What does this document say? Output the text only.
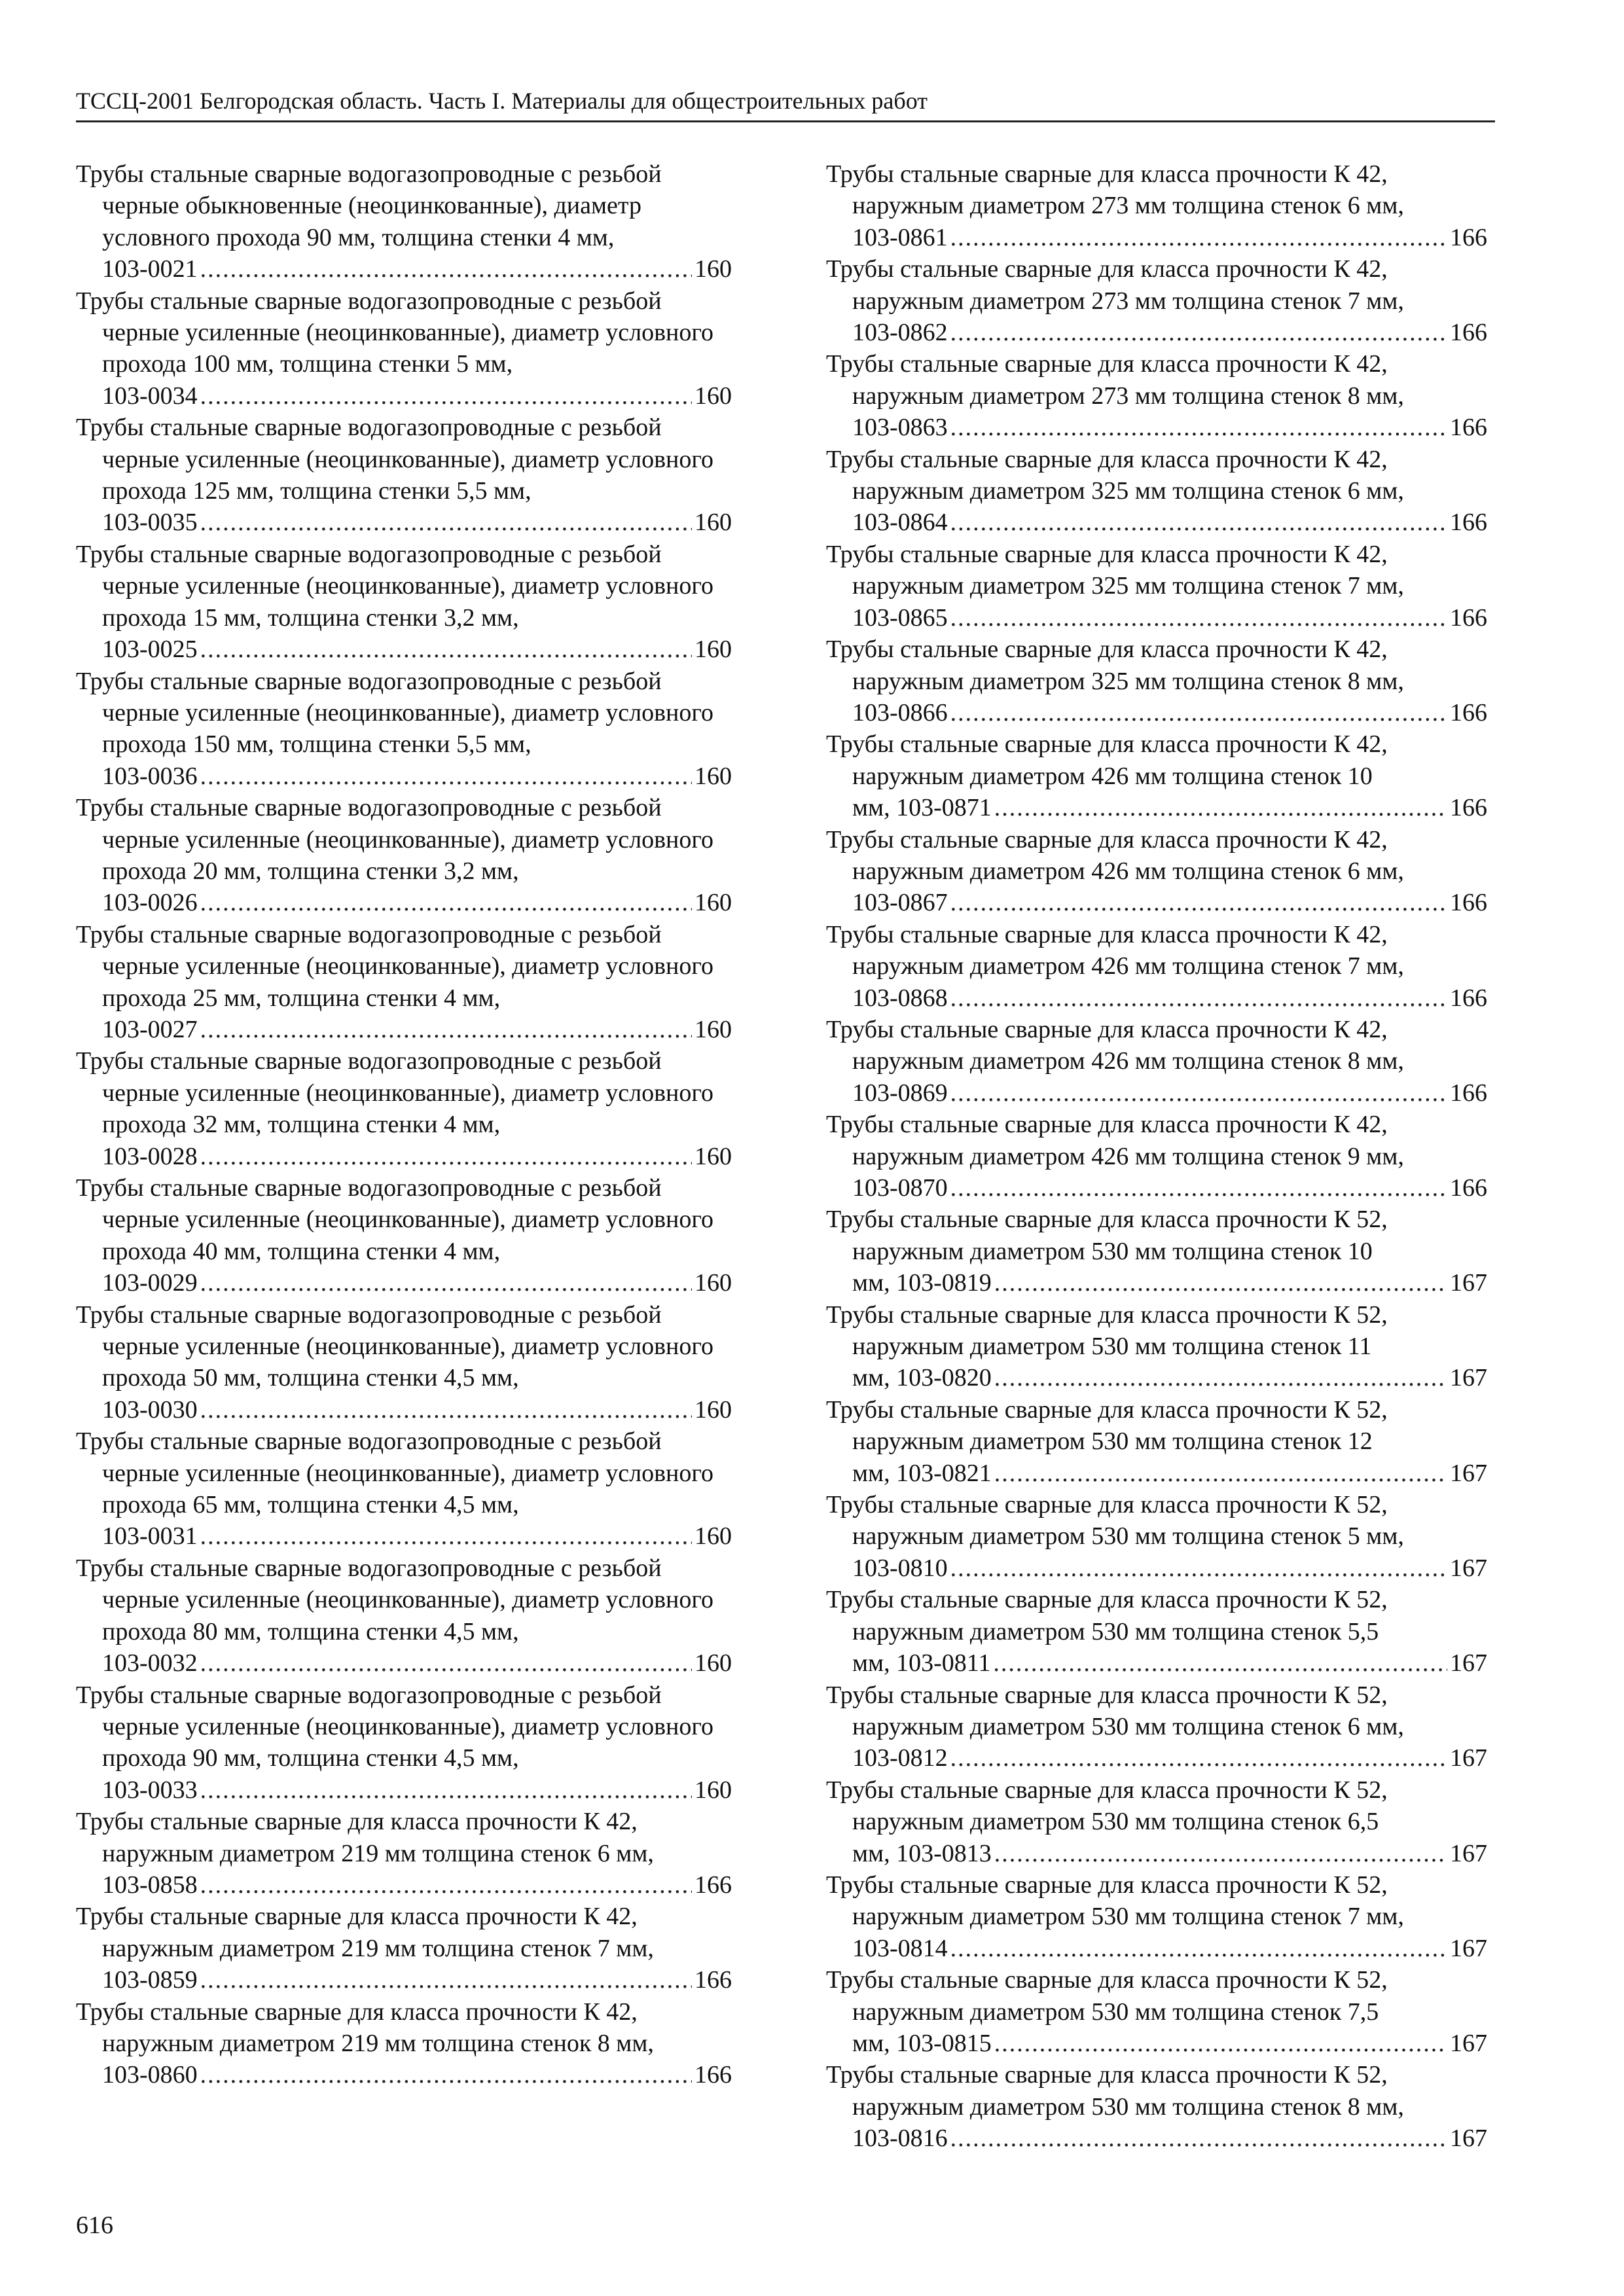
ТССЦ-2001 Белгородская область. Часть I. Материалы для общестроительных работ
Трубы стальные сварные водогазопроводные с резьбой черные обыкновенные (неоцинкованные), диаметр условного прохода 90 мм, толщина стенки 4 мм,
103-0021 .....	160
Трубы стальные сварные водогазопроводные с резьбой черные усиленные (неоцинкованные), диаметр условного прохода 100 мм, толщина стенки 5 мм,
103-0034 .....	160
Трубы стальные сварные водогазопроводные с резьбой черные усиленные (неоцинкованные), диаметр условного прохода 125 мм, толщина стенки 5,5 мм,
103-0035 .....	160
Трубы стальные сварные водогазопроводные с резьбой черные усиленные (неоцинкованные), диаметр условного прохода 15 мм, толщина стенки 3,2 мм,
103-0025 .....	160
Трубы стальные сварные водогазопроводные с резьбой черные усиленные (неоцинкованные), диаметр условного прохода 150 мм, толщина стенки 5,5 мм,
103-0036 .....	160
Трубы стальные сварные водогазопроводные с резьбой черные усиленные (неоцинкованные), диаметр условного прохода 20 мм, толщина стенки 3,2 мм,
103-0026 .....	160
Трубы стальные сварные водогазопроводные с резьбой черные усиленные (неоцинкованные), диаметр условного прохода 25 мм, толщина стенки 4 мм,
103-0027 .....	160
Трубы стальные сварные водогазопроводные с резьбой черные усиленные (неоцинкованные), диаметр условного прохода 32 мм, толщина стенки 4 мм,
103-0028 .....	160
Трубы стальные сварные водогазопроводные с резьбой черные усиленные (неоцинкованные), диаметр условного прохода 40 мм, толщина стенки 4 мм,
103-0029 .....	160
Трубы стальные сварные водогазопроводные с резьбой черные усиленные (неоцинкованные), диаметр условного прохода 50 мм, толщина стенки 4,5 мм,
103-0030 .....	160
Трубы стальные сварные водогазопроводные с резьбой черные усиленные (неоцинкованные), диаметр условного прохода 65 мм, толщина стенки 4,5 мм,
103-0031 .....	160
Трубы стальные сварные водогазопроводные с резьбой черные усиленные (неоцинкованные), диаметр условного прохода 80 мм, толщина стенки 4,5 мм,
103-0032 .....	160
Трубы стальные сварные водогазопроводные с резьбой черные усиленные (неоцинкованные), диаметр условного прохода 90 мм, толщина стенки 4,5 мм,
103-0033 .....	160
Трубы стальные сварные для класса прочности К 42, наружным диаметром 219 мм толщина стенок 6 мм,
103-0858 .....	166
Трубы стальные сварные для класса прочности К 42, наружным диаметром 219 мм толщина стенок 7 мм,
103-0859 .....	166
Трубы стальные сварные для класса прочности К 42, наружным диаметром 219 мм толщина стенок 8 мм,
103-0860 .....	166
Трубы стальные сварные для класса прочности К 42, наружным диаметром 273 мм толщина стенок 6 мм,
103-0861 .....	166
Трубы стальные сварные для класса прочности К 42, наружным диаметром 273 мм толщина стенок 7 мм,
103-0862 .....	166
Трубы стальные сварные для класса прочности К 42, наружным диаметром 273 мм толщина стенок 8 мм,
103-0863 .....	166
Трубы стальные сварные для класса прочности К 42, наружным диаметром 325 мм толщина стенок 6 мм,
103-0864 .....	166
Трубы стальные сварные для класса прочности К 42, наружным диаметром 325 мм толщина стенок 7 мм,
103-0865 .....	166
Трубы стальные сварные для класса прочности К 42, наружным диаметром 325 мм толщина стенок 8 мм,
103-0866 .....	166
Трубы стальные сварные для класса прочности К 42, наружным диаметром 426 мм толщина стенок 10
мм, 103-0871 .....	166
Трубы стальные сварные для класса прочности К 42, наружным диаметром 426 мм толщина стенок 6 мм,
103-0867 .....	166
Трубы стальные сварные для класса прочности К 42, наружным диаметром 426 мм толщина стенок 7 мм,
103-0868 .....	166
Трубы стальные сварные для класса прочности К 42, наружным диаметром 426 мм толщина стенок 8 мм,
103-0869 .....	166
Трубы стальные сварные для класса прочности К 42, наружным диаметром 426 мм толщина стенок 9 мм,
103-0870 .....	166
Трубы стальные сварные для класса прочности К 52, наружным диаметром 530 мм толщина стенок 10
мм, 103-0819 .....	167
Трубы стальные сварные для класса прочности К 52, наружным диаметром 530 мм толщина стенок 11
мм, 103-0820 .....	167
Трубы стальные сварные для класса прочности К 52, наружным диаметром 530 мм толщина стенок 12
мм, 103-0821 .....	167
Трубы стальные сварные для класса прочности К 52, наружным диаметром 530 мм толщина стенок 5 мм,
103-0810 .....	167
Трубы стальные сварные для класса прочности К 52, наружным диаметром 530 мм толщина стенок 5,5
мм, 103-0811 .....	167
Трубы стальные сварные для класса прочности К 52, наружным диаметром 530 мм толщина стенок 6 мм,
103-0812 .....	167
Трубы стальные сварные для класса прочности К 52, наружным диаметром 530 мм толщина стенок 6,5
мм, 103-0813 .....	167
Трубы стальные сварные для класса прочности К 52, наружным диаметром 530 мм толщина стенок 7 мм,
103-0814 .....	167
Трубы стальные сварные для класса прочности К 52, наружным диаметром 530 мм толщина стенок 7,5
мм, 103-0815 .....	167
Трубы стальные сварные для класса прочности К 52, наружным диаметром 530 мм толщина стенок 8 мм,
103-0816 .....	167
616
